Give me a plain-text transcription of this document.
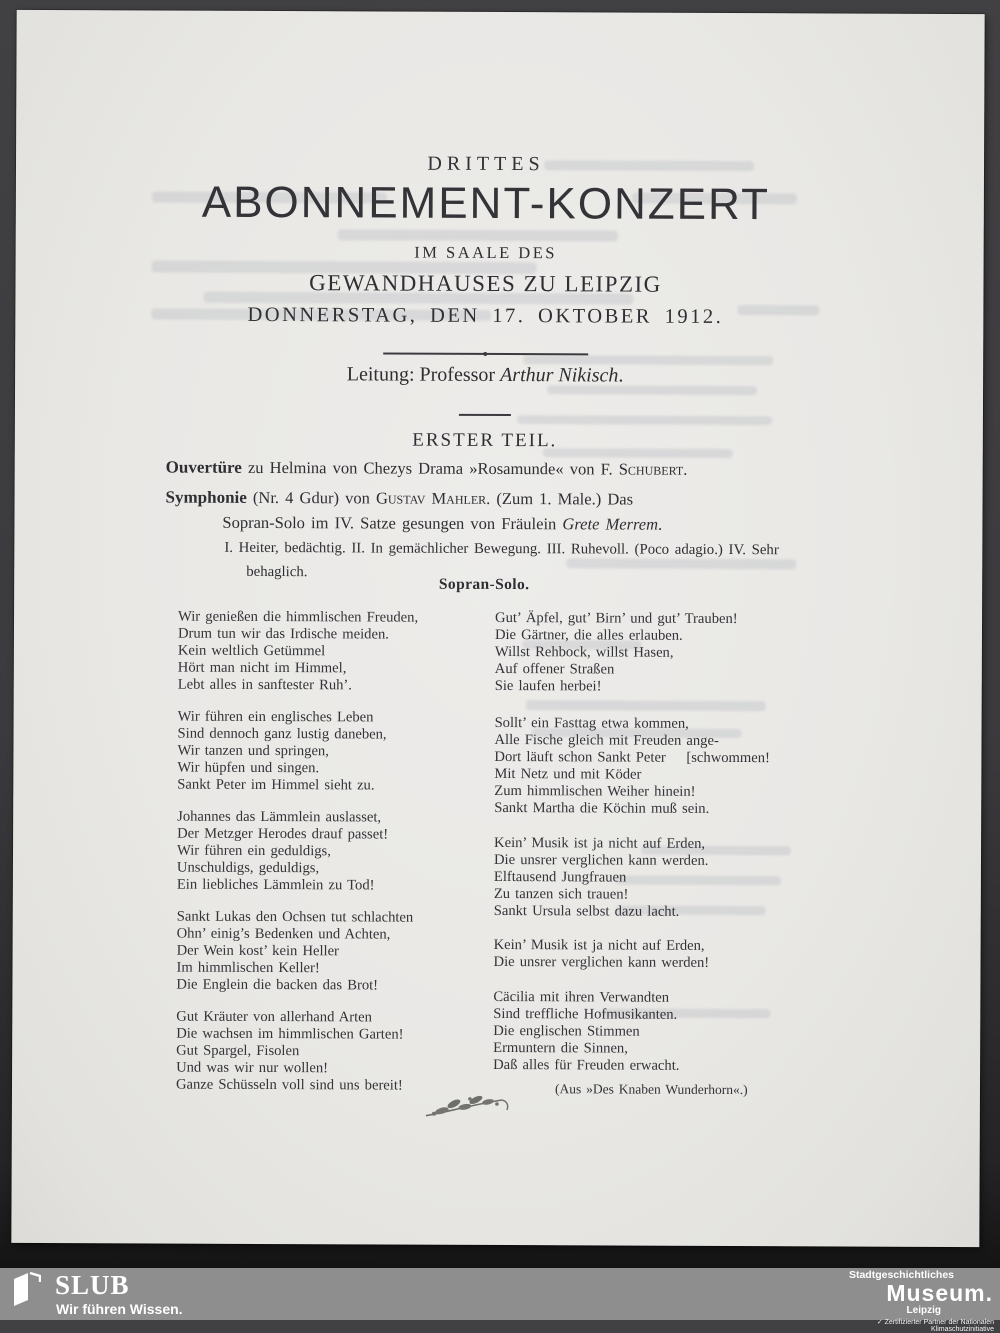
DRITTES
ABONNEMENT-KONZERT
IM SAALE DES
GEWANDHAUSES ZU LEIPZIG
DONNERSTAG, DEN 17. OKTOBER 1912.
Leitung: Professor Arthur Nikisch.
ERSTER TEIL.
Ouvertüre zu Helmina von Chezys Drama »Rosamunde« von F. Schubert.
Symphonie (Nr. 4 Gdur) von Gustav Mahler. (Zum 1. Male.) Das
Sopran-Solo im IV. Satze gesungen von Fräulein Grete Merrem.
I. Heiter, bedächtig. II. In gemächlicher Bewegung. III. Ruhevoll. (Poco adagio.) IV. Sehr behaglich.
Sopran-Solo.

Wir genießen die himmlischen Freuden,
Drum tun wir das Irdische meiden.
Kein weltlich Getümmel
Hört man nicht im Himmel,
Lebt alles in sanftester Ruh’.

Wir führen ein englisches Leben
Sind dennoch ganz lustig daneben,
Wir tanzen und springen,
Wir hüpfen und singen.
Sankt Peter im Himmel sieht zu.

Johannes das Lämmlein auslasset,
Der Metzger Herodes drauf passet!
Wir führen ein geduldigs,
Unschuldigs, geduldigs,
Ein liebliches Lämmlein zu Tod!

Sankt Lukas den Ochsen tut schlachten
Ohn’ einig’s Bedenken und Achten,
Der Wein kost’ kein Heller
Im himmlischen Keller!
Die Englein die backen das Brot!

Gut Kräuter von allerhand Arten
Die wachsen im himmlischen Garten!
Gut Spargel, Fisolen
Und was wir nur wollen!
Ganze Schüsseln voll sind uns bereit!

Gut’ Äpfel, gut’ Birn’ und gut’ Trauben!
Die Gärtner, die alles erlauben.
Willst Rehbock, willst Hasen,
Auf offener Straßen
Sie laufen herbei!

Sollt’ ein Fasttag etwa kommen,
Alle Fische gleich mit Freuden ange-
Dort läuft schon Sankt Peter    [schwommen!
Mit Netz und mit Köder
Zum himmlischen Weiher hinein!
Sankt Martha die Köchin muß sein.

Kein’ Musik ist ja nicht auf Erden,
Die unsrer verglichen kann werden.
Elftausend Jungfrauen
Zu tanzen sich trauen!
Sankt Ursula selbst dazu lacht.

Kein’ Musik ist ja nicht auf Erden,
Die unsrer verglichen kann werden!

Cäcilia mit ihren Verwandten
Sind treffliche Hofmusikanten.
Die englischen Stimmen
Ermuntern die Sinnen,
Daß alles für Freuden erwacht.

(Aus »Des Knaben Wunderhorn«.)
SLUB
Wir führen Wissen.
Stadtgeschichtliches
Museum.
Leipzig
✓ Zertifizierter Partner der Nationalen Klimaschutzinitiative
